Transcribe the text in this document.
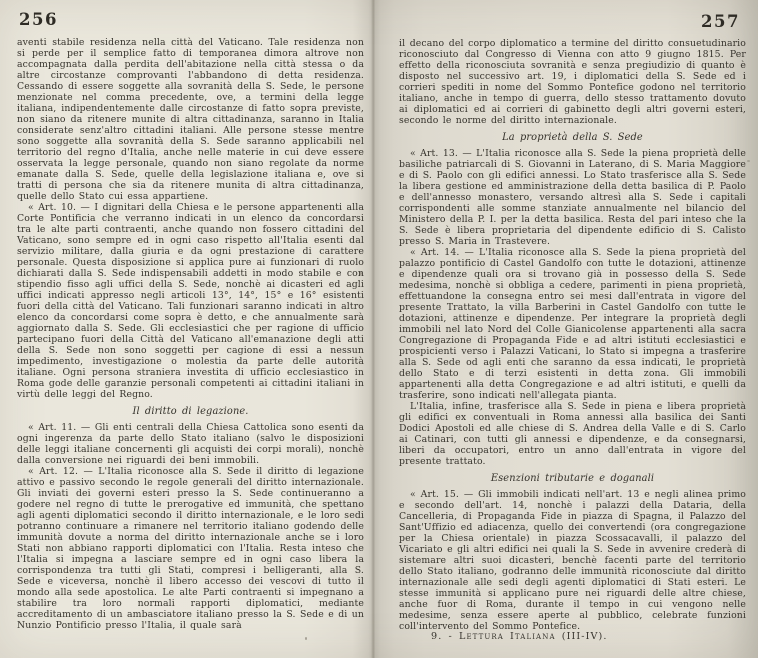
256

aventi stabile residenza nella città del Vaticano. Tale residenza non si perde per il semplice fatto di temporanea dimora altrove non accompagnata dalla perdita dell'abitazione nella città stessa o da altre circostanze comprovanti l'abbandono di detta residenza. Cessando di essere soggette alla sovranità della S. Sede, le persone menzionate nel comma precedente, ove, a termini della legge italiana, indipendentemente dalle circostanze di fatto sopra previste, non siano da ritenere munite di altra cittadinanza, saranno in Italia considerate senz'altro cittadini italiani. Alle persone stesse mentre sono soggette alla sovranità della S. Sede saranno applicabili nel territorio del regno d'Italia, anche nelle materie in cui deve essere osservata la legge personale, quando non siano regolate da norme emanate dalla S. Sede, quelle della legislazione italiana e, ove si tratti di persona che sia da ritenere munita di altra cittadinanza, quelle dello Stato cui essa appartiene.

« Art. 10. — I dignitari della Chiesa e le persone appartenenti alla Corte Pontificia che verranno indicati in un elenco da concordarsi tra le alte parti contraenti, anche quando non fossero cittadini del Vaticano, sono sempre ed in ogni caso rispetto all'Italia esenti dal servizio militare, dalla giuria e da ogni prestazione di carattere personale. Questa disposizione si applica pure ai funzionari di ruolo dichiarati dalla S. Sede indispensabili addetti in modo stabile e con stipendio fisso agli uffici della S. Sede, nonchè ai dicasteri ed agli uffici indicati appresso negli articoli 13°, 14°, 15° e 16° esistenti fuori della città del Vaticano. Tali funzionari saranno indicati in altro elenco da concordarsi come sopra è detto, e che annualmente sarà aggiornato dalla S. Sede. Gli ecclesiastici che per ragione di ufficio partecipano fuori della Città del Vaticano all'emanazione degli atti della S. Sede non sono soggetti per cagione di essi a nessun impedimento, investigazione o molestia da parte delle autorità italiane. Ogni persona straniera investita di ufficio ecclesiastico in Roma gode delle garanzie personali competenti ai cittadini italiani in virtù delle leggi del Regno.

Il diritto di legazione.

« Art. 11. — Gli enti centrali della Chiesa Cattolica sono esenti da ogni ingerenza da parte dello Stato italiano (salvo le disposizioni delle leggi italiane concernenti gli acquisti dei corpi morali), nonchè dalla conversione nei riguardi dei beni immobili.

« Art. 12. — L'Italia riconosce alla S. Sede il diritto di legazione attivo e passivo secondo le regole generali del diritto internazionale. Gli inviati dei governi esteri presso la S. Sede continueranno a godere nel regno di tutte le prerogative ed immunità, che spettano agli agenti diplomatici secondo il diritto internazionale, e le loro sedi potranno continuare a rimanere nel territorio italiano godendo delle immunità dovute a norma del diritto internazionale anche se i loro Stati non abbiano rapporti diplomatici con l'Italia. Resta inteso che l'Italia si impegna a lasciare sempre ed in ogni caso libera la corrispondenza tra tutti gli Stati, compresi i belligeranti, alla S. Sede e viceversa, nonchè il libero accesso dei vescovi di tutto il mondo alla sede apostolica. Le alte Parti contraenti si impegnano a stabilire tra loro normali rapporti diplomatici, mediante accreditamento di un ambasciatore italiano presso la S. Sede e di un Nunzio Pontificio presso l'Italia, il quale sarà

257

il decano del corpo diplomatico a termine del diritto consuetudinario riconosciuto dal Congresso di Vienna con atto 9 giugno 1815. Per effetto della riconosciuta sovranità e senza pregiudizio di quanto è disposto nel successivo art. 19, i diplomatici della S. Sede ed i corrieri spediti in nome del Sommo Pontefice godono nel territorio italiano, anche in tempo di guerra, dello stesso trattamento dovuto ai diplomatici ed ai corrieri di gabinetto degli altri governi esteri, secondo le norme del diritto internazionale.

La proprietà della S. Sede

« Art. 13. — L'Italia riconosce alla S. Sede la piena proprietà delle basiliche patriarcali di S. Giovanni in Laterano, di S. Maria Maggiore e di S. Paolo con gli edifici annessi. Lo Stato trasferisce alla S. Sede la libera gestione ed amministrazione della detta basilica di P. Paolo e dell'annesso monastero, versando altresì alla S. Sede i capitali corrispondenti alle somme stanziate annualmente nel bilancio del Ministero della P. I. per la detta basilica. Resta del pari inteso che la S. Sede è libera proprietaria del dipendente edificio di S. Calisto presso S. Maria in Trastevere.

« Art. 14. — L'Italia riconosce alla S. Sede la piena proprietà del palazzo pontificio di Castel Gandolfo con tutte le dotazioni, attinenze e dipendenze quali ora si trovano già in possesso della S. Sede medesima, nonchè si obbliga a cedere, parimenti in piena proprietà, effettuandone la consegna entro sei mesi dall'entrata in vigore del presente Trattato, la villa Barberini in Castel Gandolfo con tutte le dotazioni, attinenze e dipendenze. Per integrare la proprietà degli immobili nel lato Nord del Colle Gianicolense appartenenti alla sacra Congregazione di Propaganda Fide e ad altri istituti ecclesiastici e prospicienti verso i Palazzi Vaticani, lo Stato si impegna a trasferire alla S. Sede od agli enti che saranno da essa indicati, le proprietà dello Stato e di terzi esistenti in detta zona. Gli immobili appartenenti alla detta Congregazione e ad altri istituti, e quelli da trasferire, sono indicati nell'allegata pianta.

L'Italia, infine, trasferisce alla S. Sede in piena e libera proprietà gli edifici ex conventuali in Roma annessi alla basilica dei Santi Dodici Apostoli ed alle chiese di S. Andrea della Valle e di S. Carlo ai Catinari, con tutti gli annessi e dipendenze, e da consegnarsi, liberi da occupatori, entro un anno dall'entrata in vigore del presente trattato.

Esenzioni tributarie e doganali

« Art. 15. — Gli immobili indicati nell'art. 13 e negli alinea primo e secondo dell'art. 14, nonchè i palazzi della Dataria, della Cancelleria, di Propaganda Fide in piazza di Spagna, il Palazzo del Sant'Uffizio ed adiacenza, quello dei convertendi (ora congregazione per la Chiesa orientale) in piazza Scossacavalli, il palazzo del Vicariato e gli altri edifici nei quali la S. Sede in avvenire crederà di sistemare altri suoi dicasteri, benchè facenti parte del territorio dello Stato italiano, godranno delle immunità riconosciute dal diritto internazionale alle sedi degli agenti diplomatici di Stati esteri. Le stesse immunità si applicano pure nei riguardi delle altre chiese, anche fuor di Roma, durante il tempo in cui vengono nelle medesime, senza essere aperte al pubblico, celebrate funzioni coll'intervento del Sommo Pontefice.

9. - Lettura Italiana (III-IV).
